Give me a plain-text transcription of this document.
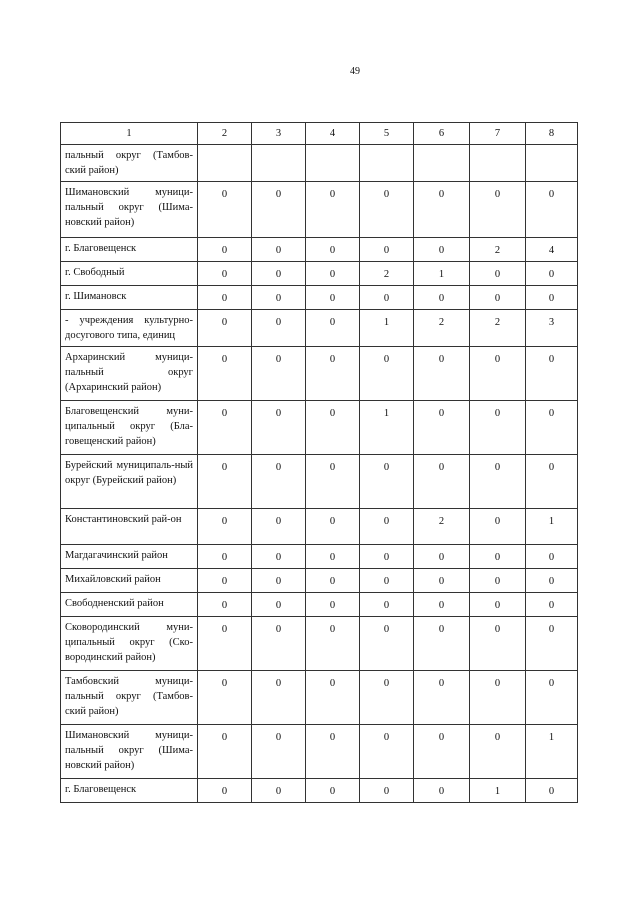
49
1	2	3	4	5	6	7	8
пальный округ (Тамбов-ский район)							
Шимановский муници-пальный округ (Шима-новский район)	0	0	0	0	0	0	0
г. Благовещенск	0	0	0	0	0	2	4
г. Свободный	0	0	0	2	1	0	0
г. Шимановск	0	0	0	0	0	0	0
- учреждения культурно-досугового типа, единиц	0	0	0	1	2	2	3
Архаринский муници-пальный округ (Архаринский район)	0	0	0	0	0	0	0
Благовещенский муни-ципальный округ (Бла-говещенский район)	0	0	0	1	0	0	0
Бурейский муниципаль-ный округ (Бурейский район)	0	0	0	0	0	0	0
Константиновский рай-он	0	0	0	0	2	0	1
Магдагачинский район	0	0	0	0	0	0	0
Михайловский район	0	0	0	0	0	0	0
Свободненский район	0	0	0	0	0	0	0
Сковородинский муни-ципальный округ (Ско-вородинский район)	0	0	0	0	0	0	0
Тамбовский муници-пальный округ (Тамбов-ский район)	0	0	0	0	0	0	0
Шимановский муници-пальный округ (Шима-новский район)	0	0	0	0	0	0	1
г. Благовещенск	0	0	0	0	0	1	0
